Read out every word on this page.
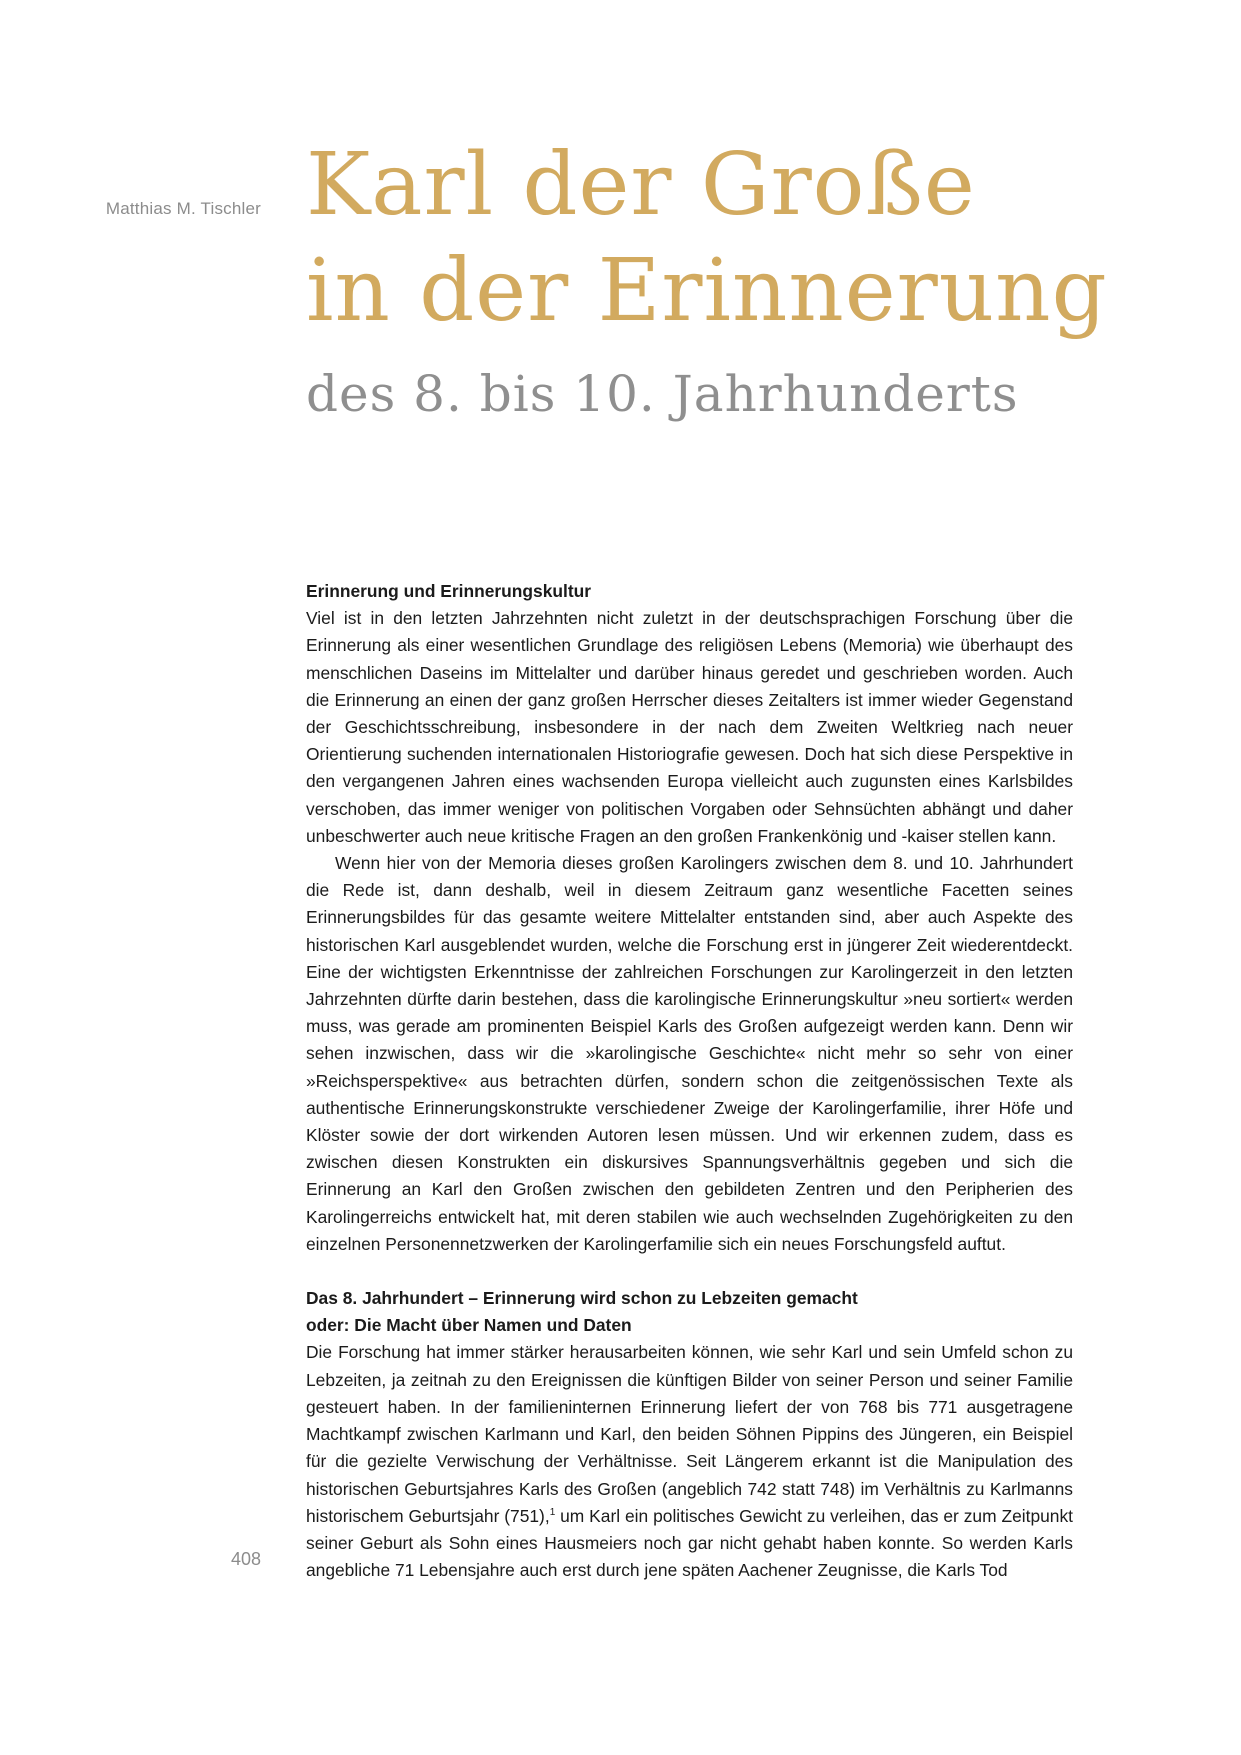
Matthias M. Tischler Karl der Große
in der Erinnerung
des 8. bis 10. Jahrhunderts
Erinnerung und Erinnerungskultur

Viel ist in den letzten Jahrzehnten nicht zuletzt in der deutschsprachigen Forschung über die Erinnerung als einer wesentlichen Grundlage des religiösen Lebens (Memoria) wie überhaupt des menschlichen Daseins im Mittelalter und darüber hinaus geredet und geschrieben worden. Auch die Erinnerung an einen der ganz großen Herrscher dieses Zeitalters ist immer wieder Gegenstand der Geschichtsschreibung, insbesondere in der nach dem Zweiten Weltkrieg nach neuer Orientierung suchenden internationalen Historiografie gewesen. Doch hat sich diese Perspektive in den vergangenen Jahren eines wachsenden Europa vielleicht auch zugunsten eines Karlsbildes verschoben, das immer weniger von politischen Vorgaben oder Sehnsüchten abhängt und daher unbeschwerter auch neue kritische Fragen an den großen Frankenkönig und -kaiser stellen kann.

Wenn hier von der Memoria dieses großen Karolingers zwischen dem 8. und 10. Jahrhundert die Rede ist, dann deshalb, weil in diesem Zeitraum ganz wesentliche Facetten seines Erinnerungsbildes für das gesamte weitere Mittelalter entstanden sind, aber auch Aspekte des historischen Karl ausgeblendet wurden, welche die Forschung erst in jüngerer Zeit wiederentdeckt. Eine der wichtigsten Erkenntnisse der zahlreichen Forschungen zur Karolingerzeit in den letzten Jahrzehnten dürfte darin bestehen, dass die karolingische Erinnerungskultur »neu sortiert« werden muss, was gerade am prominenten Beispiel Karls des Großen aufgezeigt werden kann. Denn wir sehen inzwischen, dass wir die »karolingische Geschichte« nicht mehr so sehr von einer »Reichsperspektive« aus betrachten dürfen, sondern schon die zeitgenössischen Texte als authentische Erinnerungskonstrukte verschiedener Zweige der Karolingerfamilie, ihrer Höfe und Klöster sowie der dort wirkenden Autoren lesen müssen. Und wir erkennen zudem, dass es zwischen diesen Konstrukten ein diskursives Spannungsverhältnis gegeben und sich die Erinnerung an Karl den Großen zwischen den gebildeten Zentren und den Peripherien des Karolingerreichs entwickelt hat, mit deren stabilen wie auch wechselnden Zugehörigkeiten zu den einzelnen Personennetzwerken der Karolingerfamilie sich ein neues Forschungsfeld auftut.

Das 8. Jahrhundert – Erinnerung wird schon zu Lebzeiten gemacht
oder: Die Macht über Namen und Daten

Die Forschung hat immer stärker herausarbeiten können, wie sehr Karl und sein Umfeld schon zu Lebzeiten, ja zeitnah zu den Ereignissen die künftigen Bilder von seiner Person und seiner Familie gesteuert haben. In der familieninternen Erinnerung liefert der von 768 bis 771 ausgetragene Machtkampf zwischen Karlmann und Karl, den beiden Söhnen Pippins des Jüngeren, ein Beispiel für die gezielte Verwischung der Verhältnisse. Seit Längerem erkannt ist die Manipulation des historischen Geburtsjahres Karls des Großen (angeblich 742 statt 748) im Verhältnis zu Karlmanns historischem Geburtsjahr (751),$^1$ um Karl ein politisches Gewicht zu verleihen, das er zum Zeitpunkt seiner Geburt als Sohn eines Hausmeiers noch gar nicht gehabt haben konnte. So werden Karls angebliche 71 Lebensjahre auch erst durch jene späten Aachener Zeugnisse, die Karls Tod

408
